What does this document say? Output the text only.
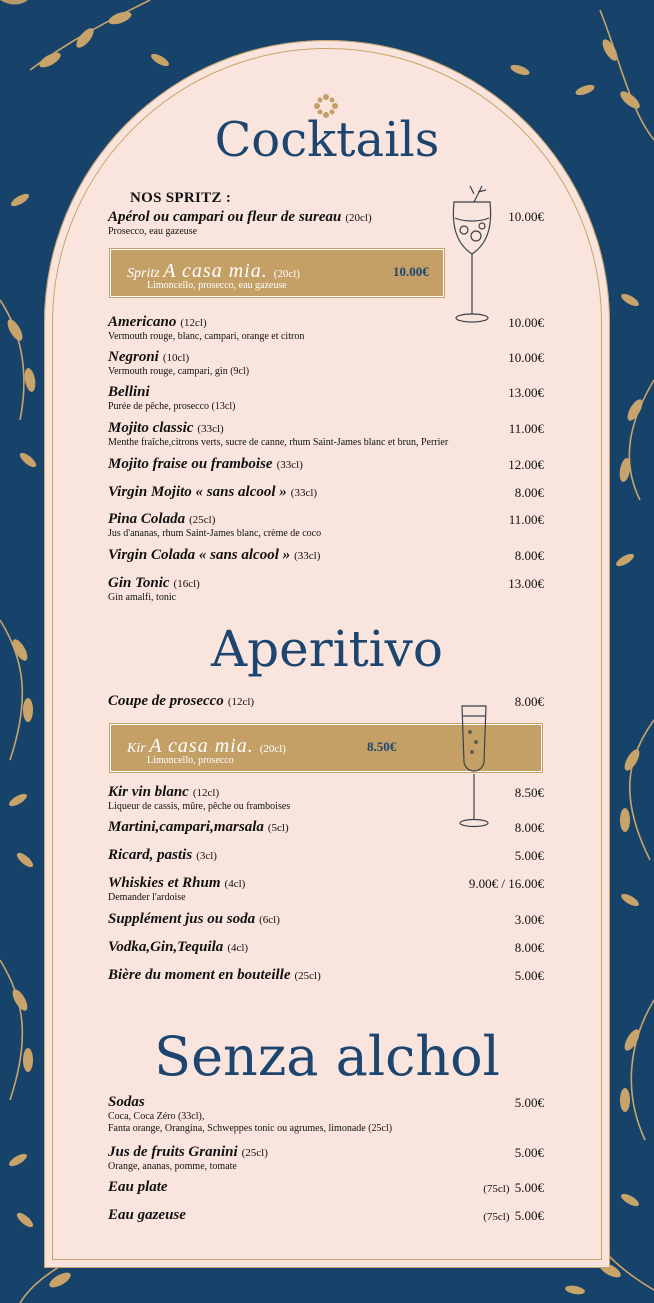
Cocktails
NOS SPRITZ :
Apérol ou campari ou fleur de sureau (20cl)
Prosecco, eau gazeuse
10.00€
Spritz A casa mia. (20cl)
Limoncello, prosecco, eau gazeuse
10.00€
Americano (12cl)
Vermouth rouge, blanc, campari, orange et citron
10.00€
Negroni (10cl)
Vermouth rouge, campari, gin (9cl)
10.00€
Bellini
Purée de pêche, prosecco (13cl)
13.00€
Mojito classic (33cl)
Menthe fraîche,citrons verts, sucre de canne, rhum Saint-James blanc et brun, Perrier
11.00€
Mojito fraise ou framboise (33cl)	12.00€
Virgin Mojito « sans alcool » (33cl)	8.00€
Pina Colada (25cl)
Jus d'ananas, rhum Saint-James blanc, crème de coco
11.00€
Virgin Colada « sans alcool » (33cl)	8.00€
Gin Tonic (16cl)
Gin amalfi, tonic
13.00€
Aperitivo
Coupe de prosecco (12cl)	8.00€
Kir A casa mia. (20cl)
Limoncello, prosecco
8.50€
Kir vin blanc (12cl)
Liqueur de cassis, mûre, pêche ou framboises
8.50€
Martini,campari,marsala (5cl)	8.00€
Ricard, pastis (3cl)	5.00€
Whiskies et Rhum (4cl)
Demander l'ardoise
9.00€ / 16.00€
Supplément jus ou soda (6cl)	3.00€
Vodka,Gin,Tequila (4cl)	8.00€
Bière du moment en bouteille (25cl)	5.00€
Senza alchol
Sodas
Coca, Coca Zéro (33cl),
Fanta orange, Orangina, Schweppes tonic ou agrumes, limonade (25cl)
5.00€
Jus de fruits Granini (25cl)
Orange, ananas, pomme, tomate
5.00€
Eau plate	(75cl) 5.00€
Eau gazeuse	(75cl) 5.00€
